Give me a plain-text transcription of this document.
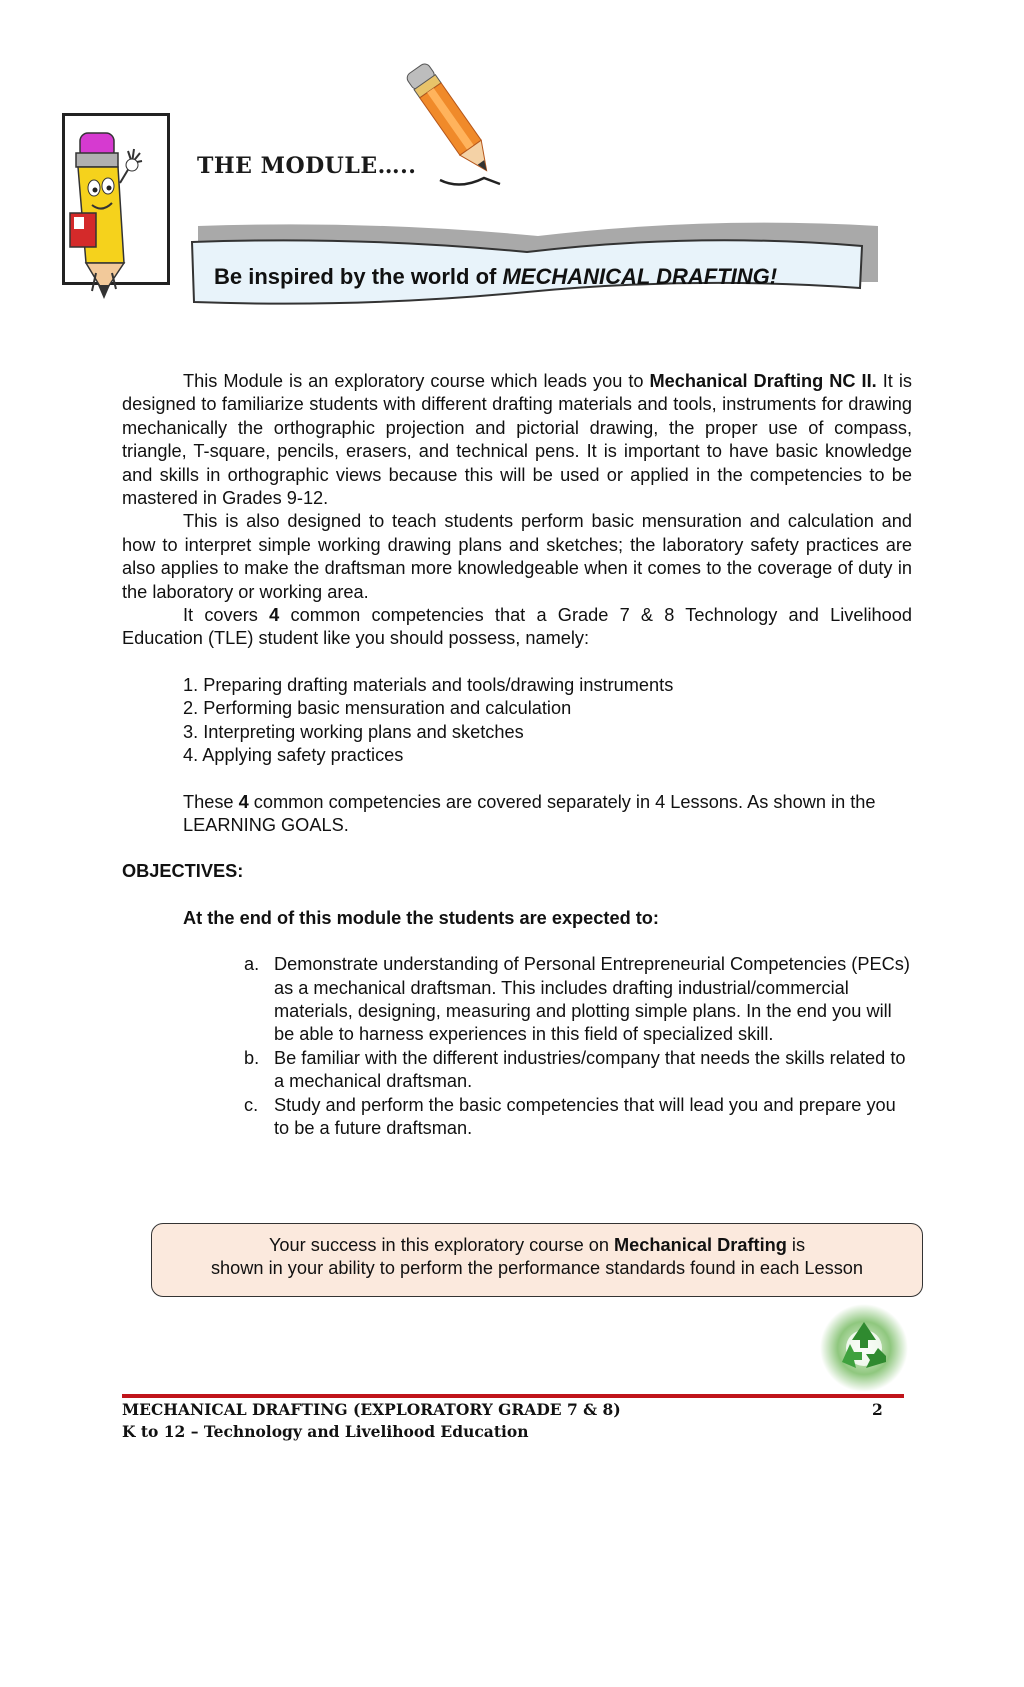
THE MODULE…..
Be inspired by the world of MECHANICAL DRAFTING!

This Module is an exploratory course which leads you to Mechanical Drafting NC II. It is designed to familiarize students with different drafting materials and tools, instruments for drawing mechanically the orthographic projection and pictorial drawing, the proper use of compass, triangle, T-square, pencils, erasers, and technical pens. It is important to have basic knowledge and skills in orthographic views because this will be used or applied in the competencies to be mastered in Grades 9-12.

This is also designed to teach students perform basic mensuration and calculation and how to interpret simple working drawing plans and sketches; the laboratory safety practices are also applies to make the draftsman more knowledgeable when it comes to the coverage of duty in the laboratory or working area.

It covers 4 common competencies that a Grade 7 & 8 Technology and Livelihood Education (TLE) student like you should possess, namely:

1. Preparing drafting materials and tools/drawing instruments
2. Performing basic mensuration and calculation
3. Interpreting working plans and sketches
4. Applying safety practices

These 4 common competencies are covered separately in 4 Lessons. As shown in the LEARNING GOALS.

OBJECTIVES:

At the end of this module the students are expected to:

a. Demonstrate understanding of Personal Entrepreneurial Competencies (PECs) as a mechanical draftsman. This includes drafting industrial/commercial materials, designing, measuring and plotting simple plans. In the end you will be able to harness experiences in this field of specialized skill.
b. Be familiar with the different industries/company that needs the skills related to a mechanical draftsman.
c. Study and perform the basic competencies that will lead you and prepare you to be a future draftsman.
Your success in this exploratory course on Mechanical Drafting is
shown in your ability to perform the performance standards found in each Lesson
MECHANICAL DRAFTING (EXPLORATORY GRADE 7 & 8)	2
K to 12 – Technology and Livelihood Education
